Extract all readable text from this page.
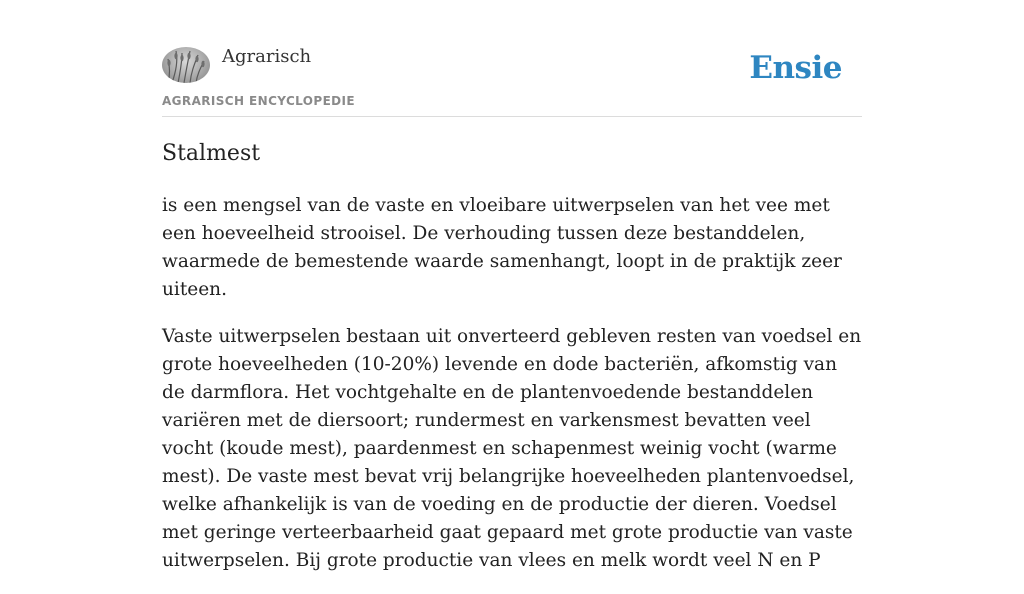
Agrarisch
AGRARISCH ENCYCLOPEDIE
Ensie
Stalmest

is een mengsel van de vaste en vloeibare uitwerpselen van het vee met een hoeveelheid strooisel. De verhouding tussen deze bestanddelen, waarmede de bemestende waarde samenhangt, loopt in de praktijk zeer uiteen.

Vaste uitwerpselen bestaan uit onverteerd gebleven resten van voedsel en grote hoeveelheden (10-20%) levende en dode bacteriën, afkomstig van de darmflora. Het vochtgehalte en de plantenvoedende bestanddelen variëren met de diersoort; rundermest en varkensmest bevatten veel vocht (koude mest), paardenmest en schapenmest weinig vocht (warme mest). De vaste mest bevat vrij belangrijke hoeveelheden plantenvoedsel, welke afhankelijk is van de voeding en de productie der dieren. Voedsel met geringe verteerbaarheid gaat gepaard met grote productie van vaste uitwerpselen. Bij grote productie van vlees en melk wordt veel N en P
